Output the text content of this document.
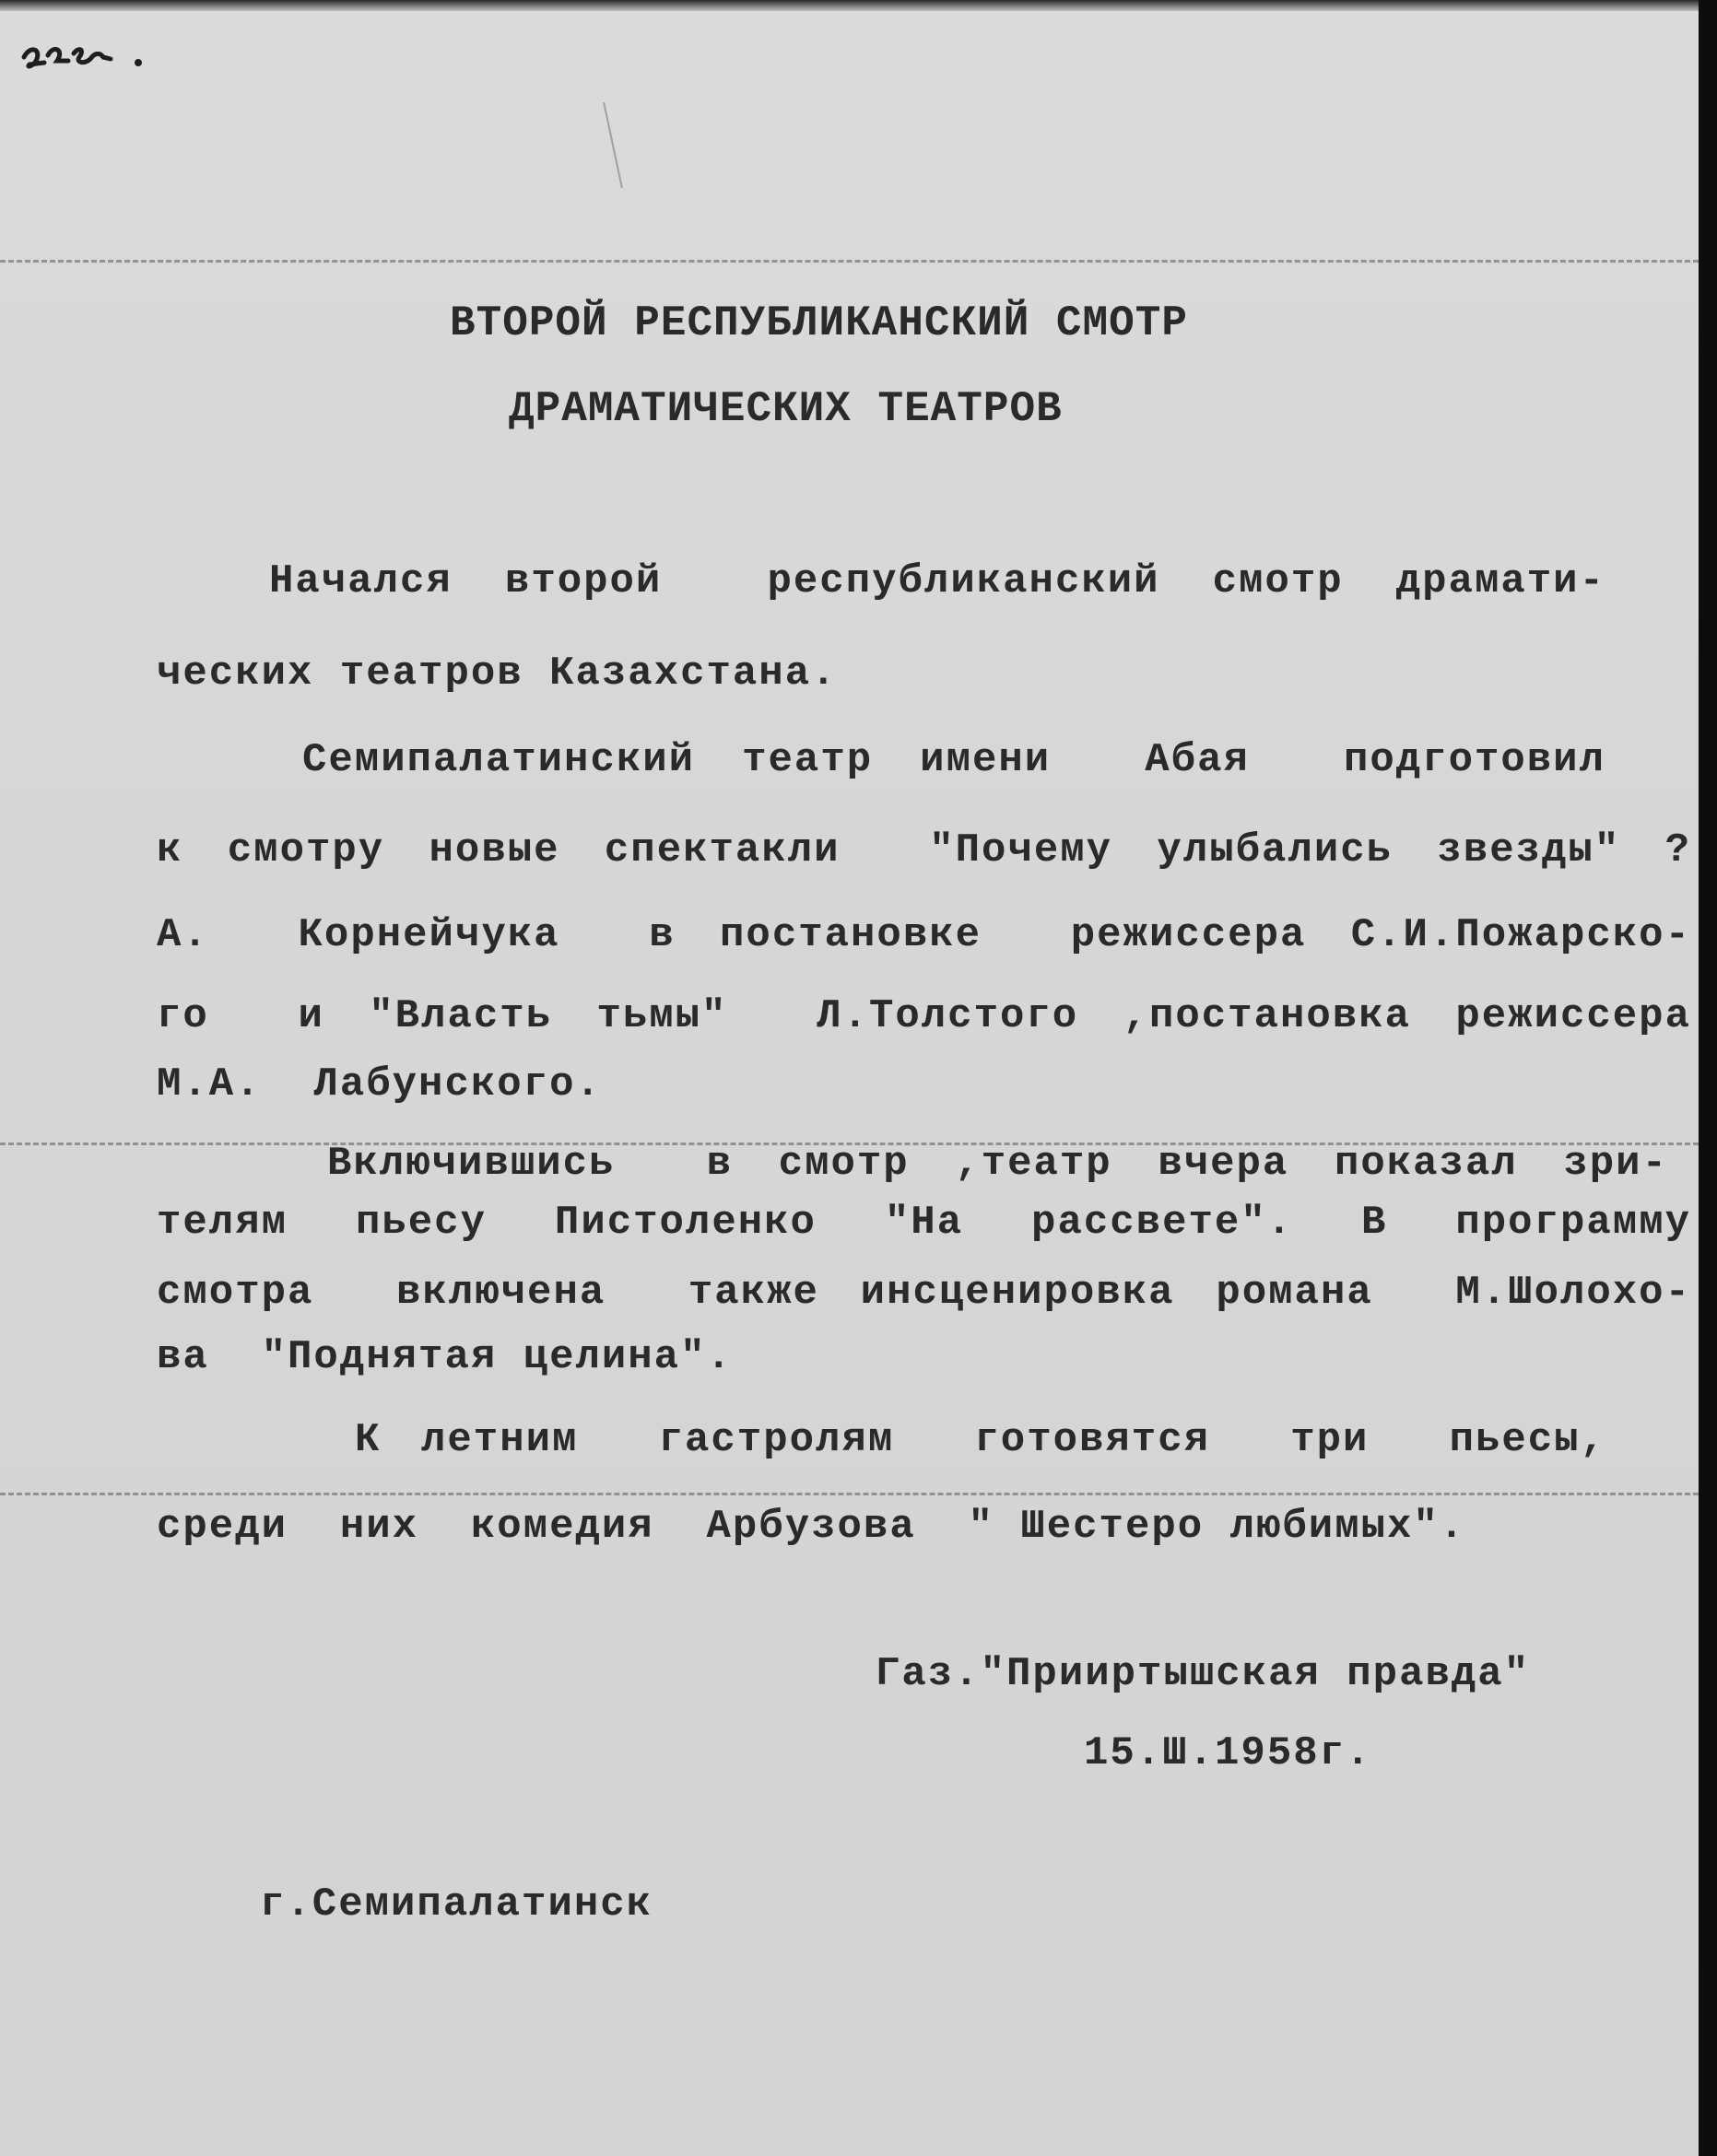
ВТОРОЙ РЕСПУБЛИКАНСКИЙ СМОТР
ДРАМАТИЧЕСКИХ ТЕАТРОВ
Начался второй  республиканский смотр драмати-
ческих театров Казахстана.
Семипалатинский театр имени  Абая  подготовил
к смотру новые спектакли  "Почему улыбались звезды" ?
А.  Корнейчука  в постановке  режиссера С.И.Пожарско-
го  и "Власть тьмы"  Л.Толстого ,постановка режиссера
М.А.  Лабунского.
Включившись  в смотр ,театр вчера показал зри-
телям пьесу Пистоленко "На рассвете". В программу
смотра  включена  также инсценировка романа  М.Шолохо-
ва  "Поднятая целина".
К летним  гастролям  готовятся  три  пьесы,
среди  них  комедия  Арбузова  " Шестеро любимых".
Газ."Прииртышская правда"
15.Ш.1958г.
г.Семипалатинск
